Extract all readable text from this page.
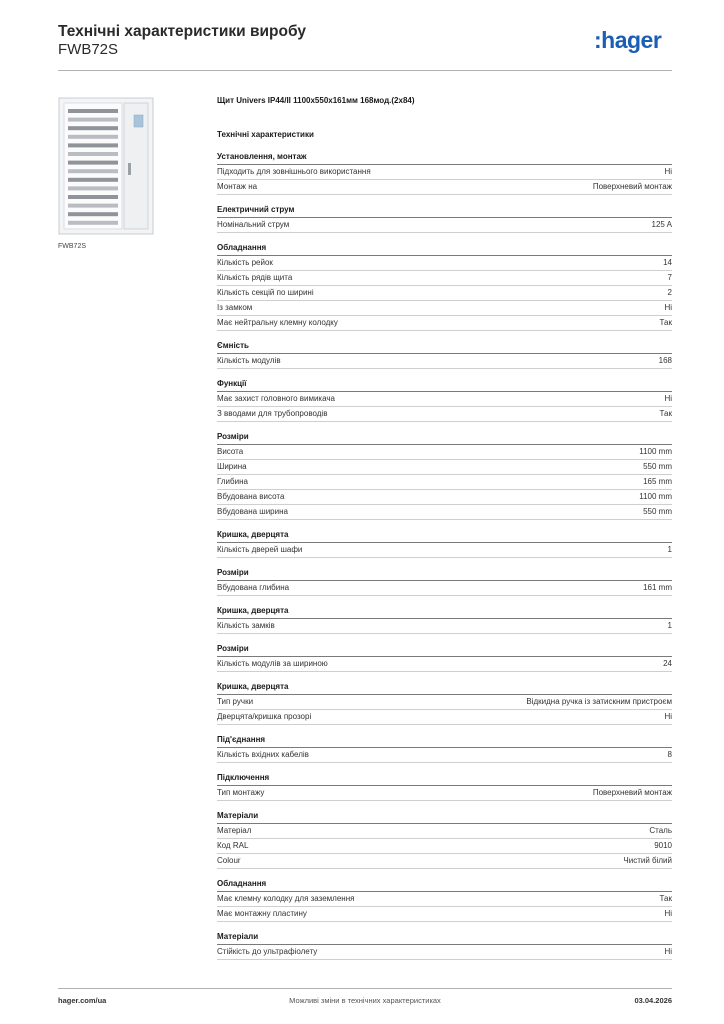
Технічні характеристики виробу
FWB72S	:hager
FWB72S
Щит Univers IP44/II 1100x550x161мм 168мод.(2x84)
Технічні характеристики
Установлення, монтаж
Підходить для зовнішнього використання	Ні
Монтаж на	Поверхневий монтаж
Електричний струм
Номінальний струм	125 A
Обладнання
Кількість рейок	14
Кількість рядів щита	7
Кількість секцій по ширині	2
Із замком	Ні
Має нейтральну клемну колодку	Так
Ємність
Кількість модулів	168
Функції
Має захист головного вимикача	Ні
З вводами для трубопроводів	Так
Розміри
Висота	1100 mm
Ширина	550 mm
Глибина	165 mm
Вбудована висота	1100 mm
Вбудована ширина	550 mm
Кришка, дверцята
Кількість дверей шафи	1
Розміри
Вбудована глибина	161 mm
Кришка, дверцята
Кількість замків	1
Розміри
Кількість модулів за шириною	24
Кришка, дверцята
Тип ручки	Відкидна ручка із затискним пристроєм
Дверцята/кришка прозорі	Ні
Під'єднання
Кількість вхідних кабелів	8
Підключення
Тип монтажу	Поверхневий монтаж
Матеріали
Матеріал	Сталь
Код RAL	9010
Colour	Чистий білий
Обладнання
Має клемну колодку для заземлення	Так
Має монтажну пластину	Ні
Матеріали
Стійкість до ультрафіолету	Ні
hager.com/ua	Можливі зміни в технічних характеристиках	03.04.2026
